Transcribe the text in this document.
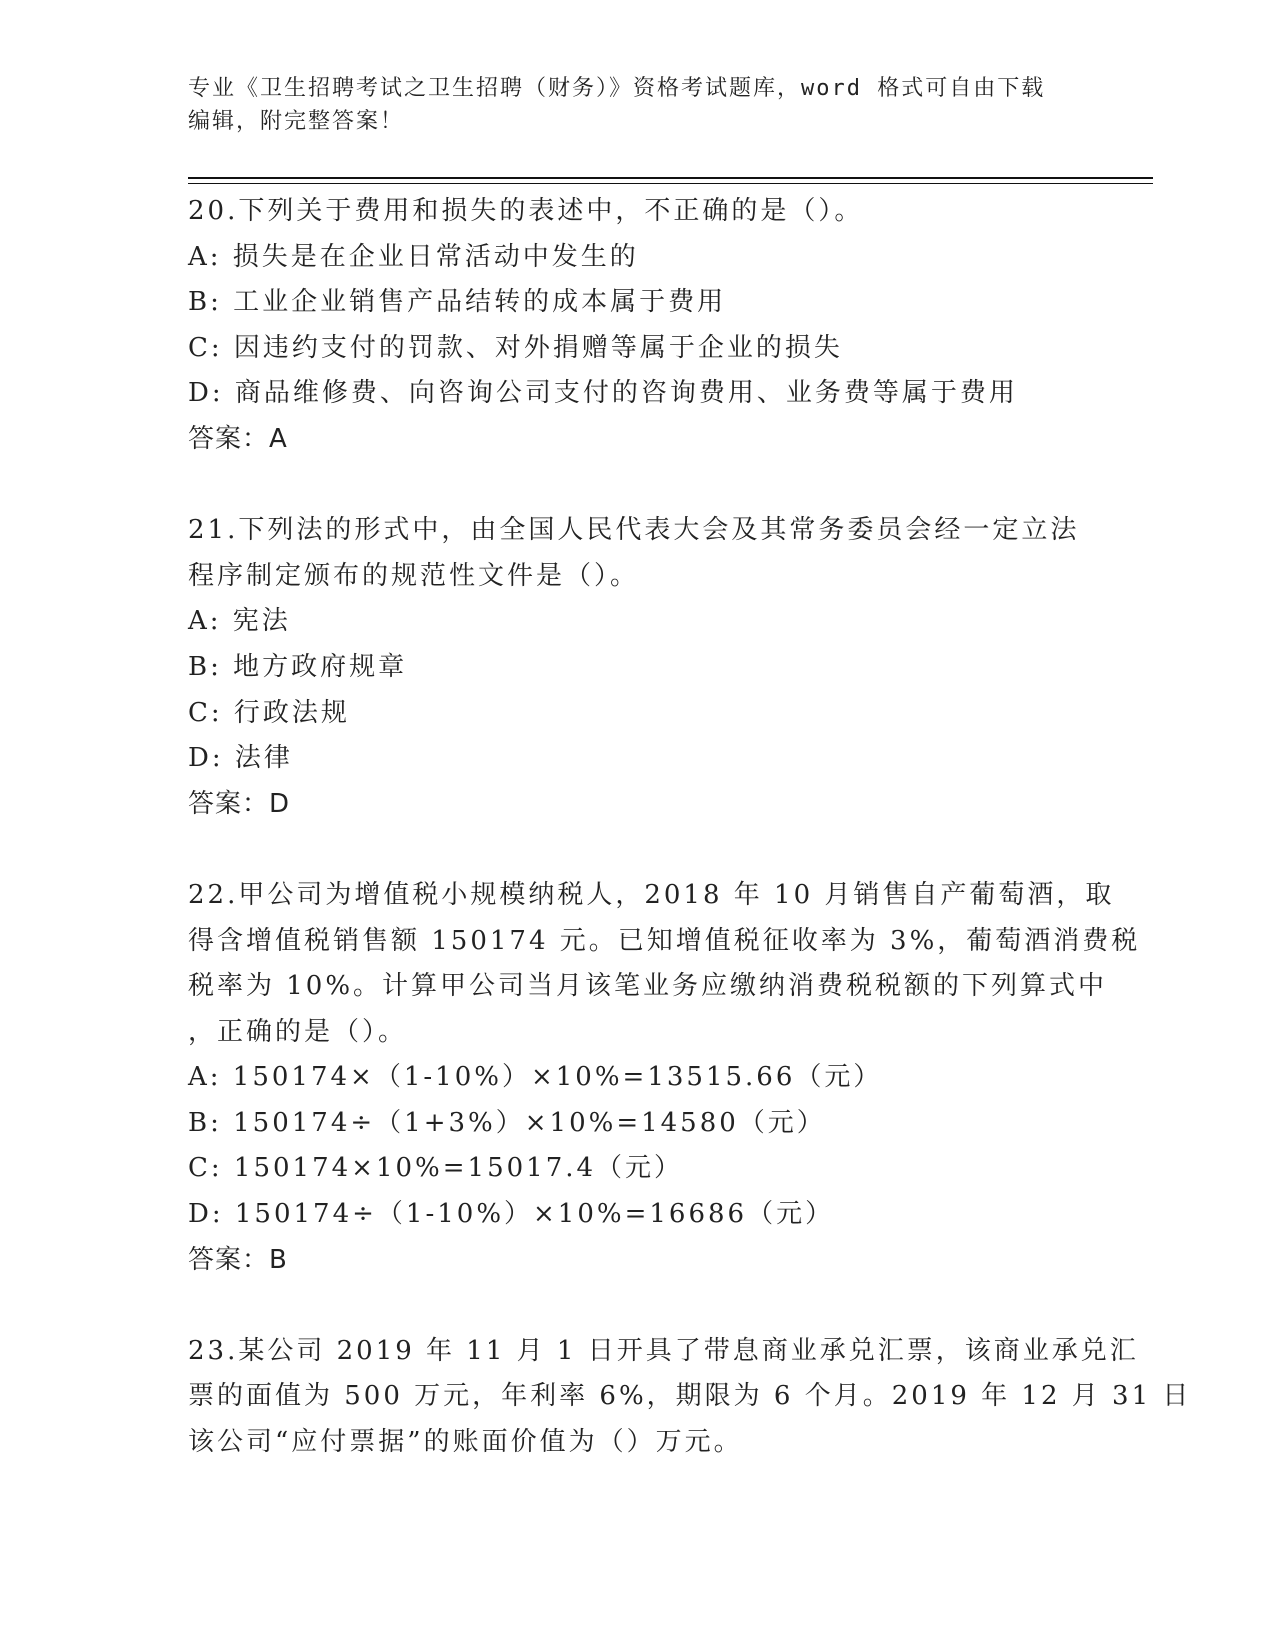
专业《卫生招聘考试之卫生招聘（财务）》资格考试题库，word 格式可自由下载
编辑，附完整答案！
20.下列关于费用和损失的表述中，不正确的是（）。
A: 损失是在企业日常活动中发生的
B: 工业企业销售产品结转的成本属于费用
C: 因违约支付的罚款、对外捐赠等属于企业的损失
D: 商品维修费、向咨询公司支付的咨询费用、业务费等属于费用
答案：A
21.下列法的形式中，由全国人民代表大会及其常务委员会经一定立法
程序制定颁布的规范性文件是（）。
A: 宪法
B: 地方政府规章
C: 行政法规
D: 法律
答案：D
22.甲公司为增值税小规模纳税人，2018 年 10 月销售自产葡萄酒，取
得含增值税销售额 150174 元。已知增值税征收率为 3%，葡萄酒消费税
税率为 10%。计算甲公司当月该笔业务应缴纳消费税税额的下列算式中
，正确的是（）。
A: 150174×（1-10%）×10%=13515.66（元）
B: 150174÷（1+3%）×10%=14580（元）
C: 150174×10%=15017.4（元）
D: 150174÷（1-10%）×10%=16686（元）
答案：B
23.某公司 2019 年 11 月 1 日开具了带息商业承兑汇票，该商业承兑汇
票的面值为 500 万元，年利率 6%，期限为 6 个月。2019 年 12 月 31 日
该公司“应付票据”的账面价值为（）万元。
